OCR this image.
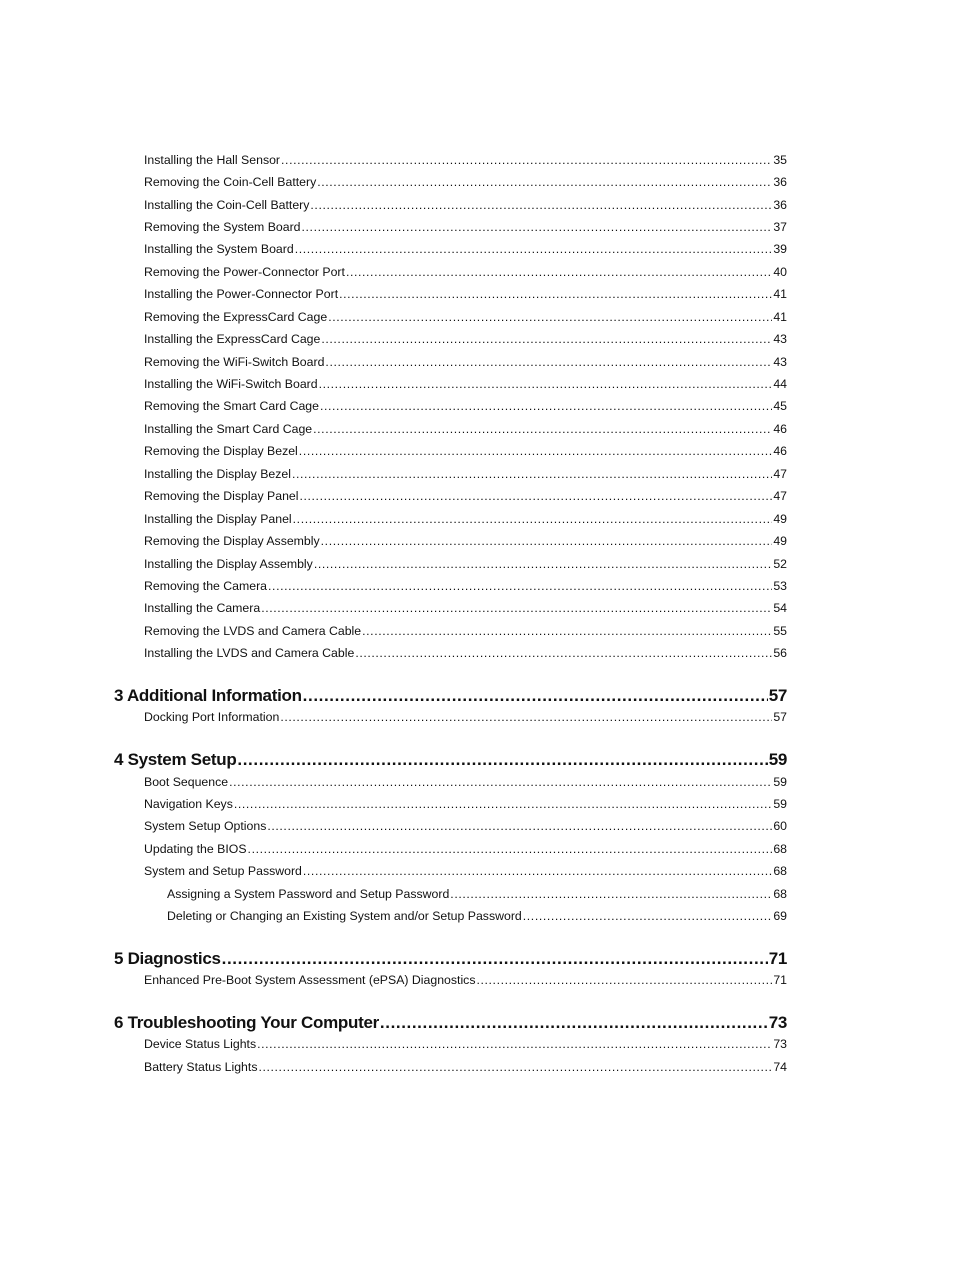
Installing the Hall Sensor .....	35
Removing the Coin-Cell Battery .....	36
Installing the Coin-Cell Battery .....	36
Removing the System Board .....	37
Installing the System Board .....	39
Removing the Power-Connector Port .....	40
Installing the Power-Connector Port .....	41
Removing the ExpressCard Cage .....	41
Installing the ExpressCard Cage .....	43
Removing the WiFi-Switch Board .....	43
Installing the WiFi-Switch Board .....	44
Removing the Smart Card Cage .....	45
Installing the Smart Card Cage .....	46
Removing the Display Bezel .....	46
Installing the Display Bezel .....	47
Removing the Display Panel .....	47
Installing the Display Panel .....	49
Removing the Display Assembly .....	49
Installing the Display Assembly .....	52
Removing the Camera .....	53
Installing the Camera .....	54
Removing the LVDS and Camera Cable .....	55
Installing the LVDS and Camera Cable .....	56
3 Additional Information .....	57
Docking Port Information .....	57
4 System Setup .....	59
Boot Sequence .....	59
Navigation Keys .....	59
System Setup Options .....	60
Updating the BIOS .....	68
System and Setup Password .....	68
Assigning a System Password and Setup Password .....	68
Deleting or Changing an Existing System and/or Setup Password .....	69
5 Diagnostics .....	71
Enhanced Pre-Boot System Assessment (ePSA) Diagnostics .....	71
6 Troubleshooting Your Computer .....	73
Device Status Lights .....	73
Battery Status Lights .....	74
